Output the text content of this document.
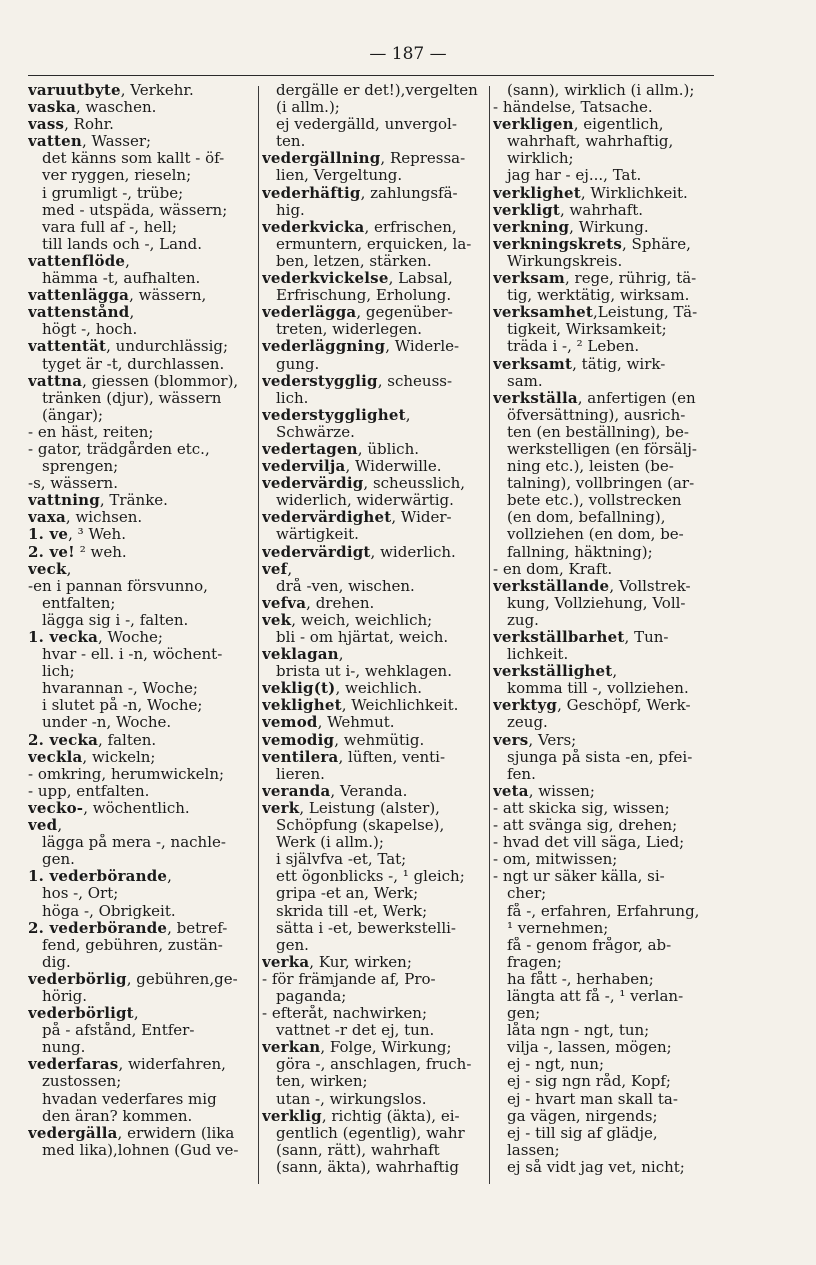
— 187 —
varuutbyte, Verkehr.
vaska, waschen.
vass, Rohr.
vatten, Wasser;
det känns som kallt - öf-
ver ryggen, rieseln;
i grumligt -, trübe;
med - utspäda, wässern;
vara full af -, hell;
till lands och -, Land.
vattenflöde,
hämma -t, aufhalten.
vattenlägga, wässern,
vattenstånd,
högt -, hoch.
vattentät, undurchlässig;
tyget är -t, durchlassen.
vattna, giessen (blommor),
tränken (djur), wässern
(ängar);
- en häst, reiten;
- gator, trädgården etc.,
sprengen;
-s, wässern.
vattning, Tränke.
vaxa, wichsen.
1. ve, ³ Weh.
2. ve! ² weh.
veck,
-en i pannan försvunno,
entfalten;
lägga sig i -, falten.
1. vecka, Woche;
hvar - ell. i -n, wöchent-
lich;
hvarannan -, Woche;
i slutet på -n, Woche;
under -n, Woche.
2. vecka, falten.
veckla, wickeln;
- omkring, herumwickeln;
- upp, entfalten.
vecko-, wöchentlich.
ved,
lägga på mera -, nachle-
gen.
1. vederbörande,
hos -, Ort;
höga -, Obrigkeit.
2. vederbörande, betref-
fend, gebühren, zustän-
dig.
vederbörlig, gebühren,ge-
hörig.
vederbörligt,
på - afstånd, Entfer-
nung.
vederfaras, widerfahren,
zustossen;
hvadan vederfares mig
den äran? kommen.
vedergälla, erwidern (lika
med lika),lohnen (Gud ve-
dergälle er det!),vergelten
(i allm.);
ej vedergälld, unvergol-
ten.
vedergällning, Repressa-
lien, Vergeltung.
vederhäftig, zahlungsfä-
hig.
vederkvicka, erfrischen,
ermuntern, erquicken, la-
ben, letzen, stärken.
vederkvickelse, Labsal,
Erfrischung, Erholung.
vederlägga, gegenüber-
treten, widerlegen.
vederläggning, Widerle-
gung.
vederstygglig, scheuss-
lich.
vederstygglighet,
Schwärze.
vedertagen, üblich.
vedervilja, Widerwille.
vedervärdig, scheusslich,
widerlich, widerwärtig.
vedervärdighet, Wider-
wärtigkeit.
vedervärdigt, widerlich.
vef,
drå -ven, wischen.
vefva, drehen.
vek, weich, weichlich;
bli - om hjärtat, weich.
veklagan,
brista ut i-, wehklagen.
veklig(t), weichlich.
veklighet, Weichlichkeit.
vemod, Wehmut.
vemodig, wehmütig.
ventilera, lüften, venti-
lieren.
veranda, Veranda.
verk, Leistung (alster),
Schöpfung (skapelse),
Werk (i allm.);
i självfva -et, Tat;
ett ögonblicks -, ¹ gleich;
gripa -et an, Werk;
skrida till -et, Werk;
sätta i -et, bewerkstelli-
gen.
verka, Kur, wirken;
- för främjande af, Pro-
paganda;
- efteråt, nachwirken;
vattnet -r det ej, tun.
verkan, Folge, Wirkung;
göra -, anschlagen, fruch-
ten, wirken;
utan -, wirkungslos.
verklig, richtig (äkta), ei-
gentlich (egentlig), wahr
(sann, rätt), wahrhaft
(sann, äkta), wahrhaftig
(sann), wirklich (i allm.);
- händelse, Tatsache.
verkligen, eigentlich,
wahrhaft, wahrhaftig,
wirklich;
jag har - ej..., Tat.
verklighet, Wirklichkeit.
verkligt, wahrhaft.
verkning, Wirkung.
verkningskrets, Sphäre,
Wirkungskreis.
verksam, rege, rührig, tä-
tig, werktätig, wirksam.
verksamhet,Leistung, Tä-
tigkeit, Wirksamkeit;
träda i -, ² Leben.
verksamt, tätig, wirk-
sam.
verkställa, anfertigen (en
öfversättning), ausrich-
ten (en beställning), be-
werkstelligen (en försälj-
ning etc.), leisten (be-
talning), vollbringen (ar-
bete etc.), vollstrecken
(en dom, befallning),
vollziehen (en dom, be-
fallning, häktning);
- en dom, Kraft.
verkställande, Vollstrek-
kung, Vollziehung, Voll-
zug.
verkställbarhet, Tun-
lichkeit.
verkställighet,
komma till -, vollziehen.
verktyg, Geschöpf, Werk-
zeug.
vers, Vers;
sjunga på sista -en, pfei-
fen.
veta, wissen;
- att skicka sig, wissen;
- att svänga sig, drehen;
- hvad det vill säga, Lied;
- om, mitwissen;
- ngt ur säker källa, si-
cher;
få -, erfahren, Erfahrung,
¹ vernehmen;
få - genom frågor, ab-
fragen;
ha fått -, herhaben;
längta att få -, ¹ verlan-
gen;
låta ngn - ngt, tun;
vilja -, lassen, mögen;
ej - ngt, nun;
ej - sig ngn råd, Kopf;
ej - hvart man skall ta-
ga vägen, nirgends;
ej - till sig af glädje,
lassen;
ej så vidt jag vet, nicht;
